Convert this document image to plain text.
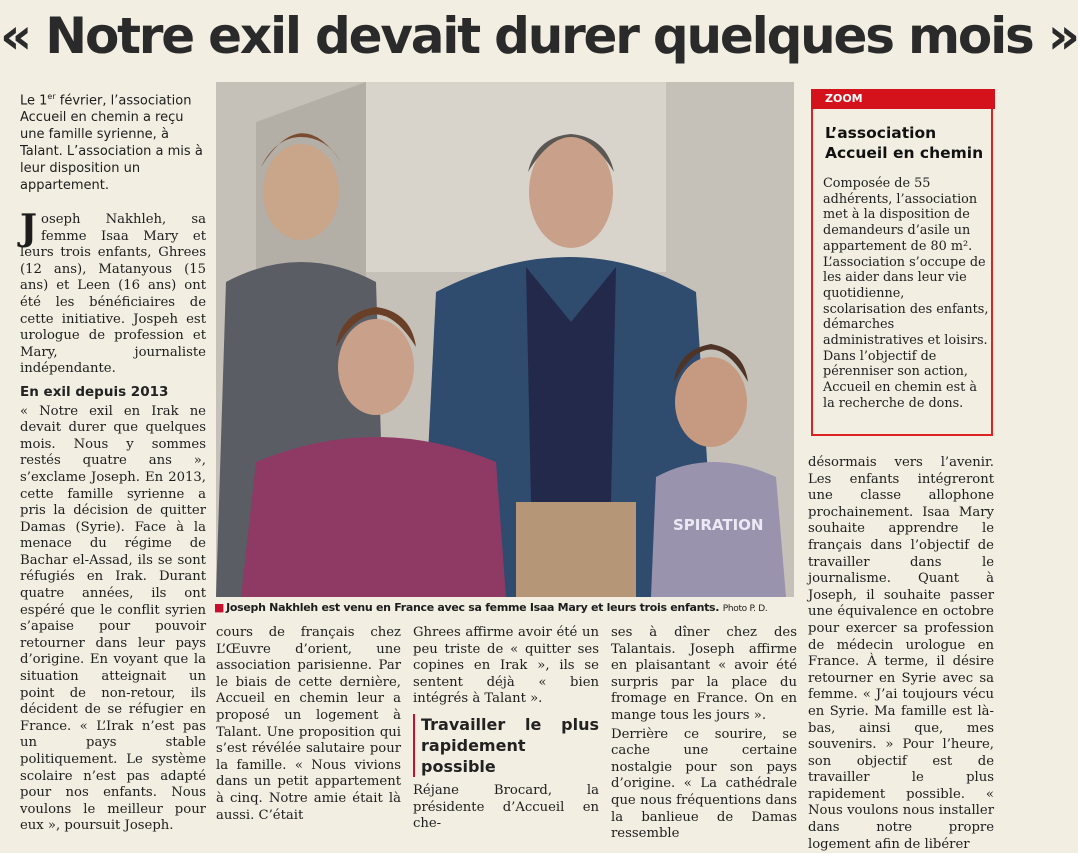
« Notre exil devait durer quelques mois »
Le 1er février, l’association Accueil en chemin a reçu une famille syrienne, à Talant. L’association a mis à leur disposition un appartement.

Joseph Nakhleh, sa femme Isaa Mary et leurs trois enfants, Ghrees (12 ans), Matanyous (15 ans) et Leen (16 ans) ont été les bénéficiaires de cette initiative. Jospeh est urologue de profession et Mary, journaliste indépendante.

En exil depuis 2013

« Notre exil en Irak ne devait durer que quelques mois. Nous y sommes restés quatre ans », s’exclame Joseph. En 2013, cette famille syrienne a pris la décision de quitter Damas (Syrie). Face à la menace du régime de Bachar el-Assad, ils se sont réfugiés en Irak. Durant quatre années, ils ont espéré que le conflit syrien s’apaise pour pouvoir retourner dans leur pays d’origine. En voyant que la situation atteignait un point de non-retour, ils décident de se réfugier en France. « L’Irak n’est pas un pays stable politiquement. Le système scolaire n’est pas adapté pour nos enfants. Nous voulons le meilleur pour eux », poursuit Joseph.

SPIRATION
■ Joseph Nakhleh est venu en France avec sa femme Isaa Mary et leurs trois enfants. Photo P. D.
ZOOM
L’association Accueil en chemin
Composée de 55 adhérents, l’association met à la disposition de demandeurs d’asile un appartement de 80 m². L’association s’occupe de les aider dans leur vie quotidienne, scolarisation des enfants, démarches administratives et loisirs. Dans l’objectif de pérenniser son action, Accueil en chemin est à la recherche de dons.

cours de français chez L’Œuvre d’orient, une association parisienne. Par le biais de cette dernière, Accueil en chemin leur a proposé un logement à Talant. Une proposition qui s’est révélée salutaire pour la famille. « Nous vivions dans un petit appartement à cinq. Notre amie était là aussi. C’était

Ghrees affirme avoir été un peu triste de « quitter ses copines en Irak », ils se sentent déjà « bien intégrés à Talant ».

Travailler le plus rapidement possible

Réjane Brocard, la présidente d’Accueil en che-

ses à dîner chez des Talantais. Joseph affirme en plaisantant « avoir été surpris par la place du fromage en France. On en mange tous les jours ».

Derrière ce sourire, se cache une certaine nostalgie pour son pays d’origine. « La cathédrale que nous fréquentions dans la banlieue de Damas ressemble

désormais vers l’avenir. Les enfants intégreront une classe allophone prochainement. Isaa Mary souhaite apprendre le français dans l’objectif de travailler dans le journalisme. Quant à Joseph, il souhaite passer une équivalence en octobre pour exercer sa profession de médecin urologue en France. À terme, il désire retourner en Syrie avec sa femme. « J’ai toujours vécu en Syrie. Ma famille est là-bas, ainsi que, mes souvenirs. » Pour l’heure, son objectif est de travailler le plus rapidement possible. « Nous voulons nous installer dans notre propre logement afin de libérer
